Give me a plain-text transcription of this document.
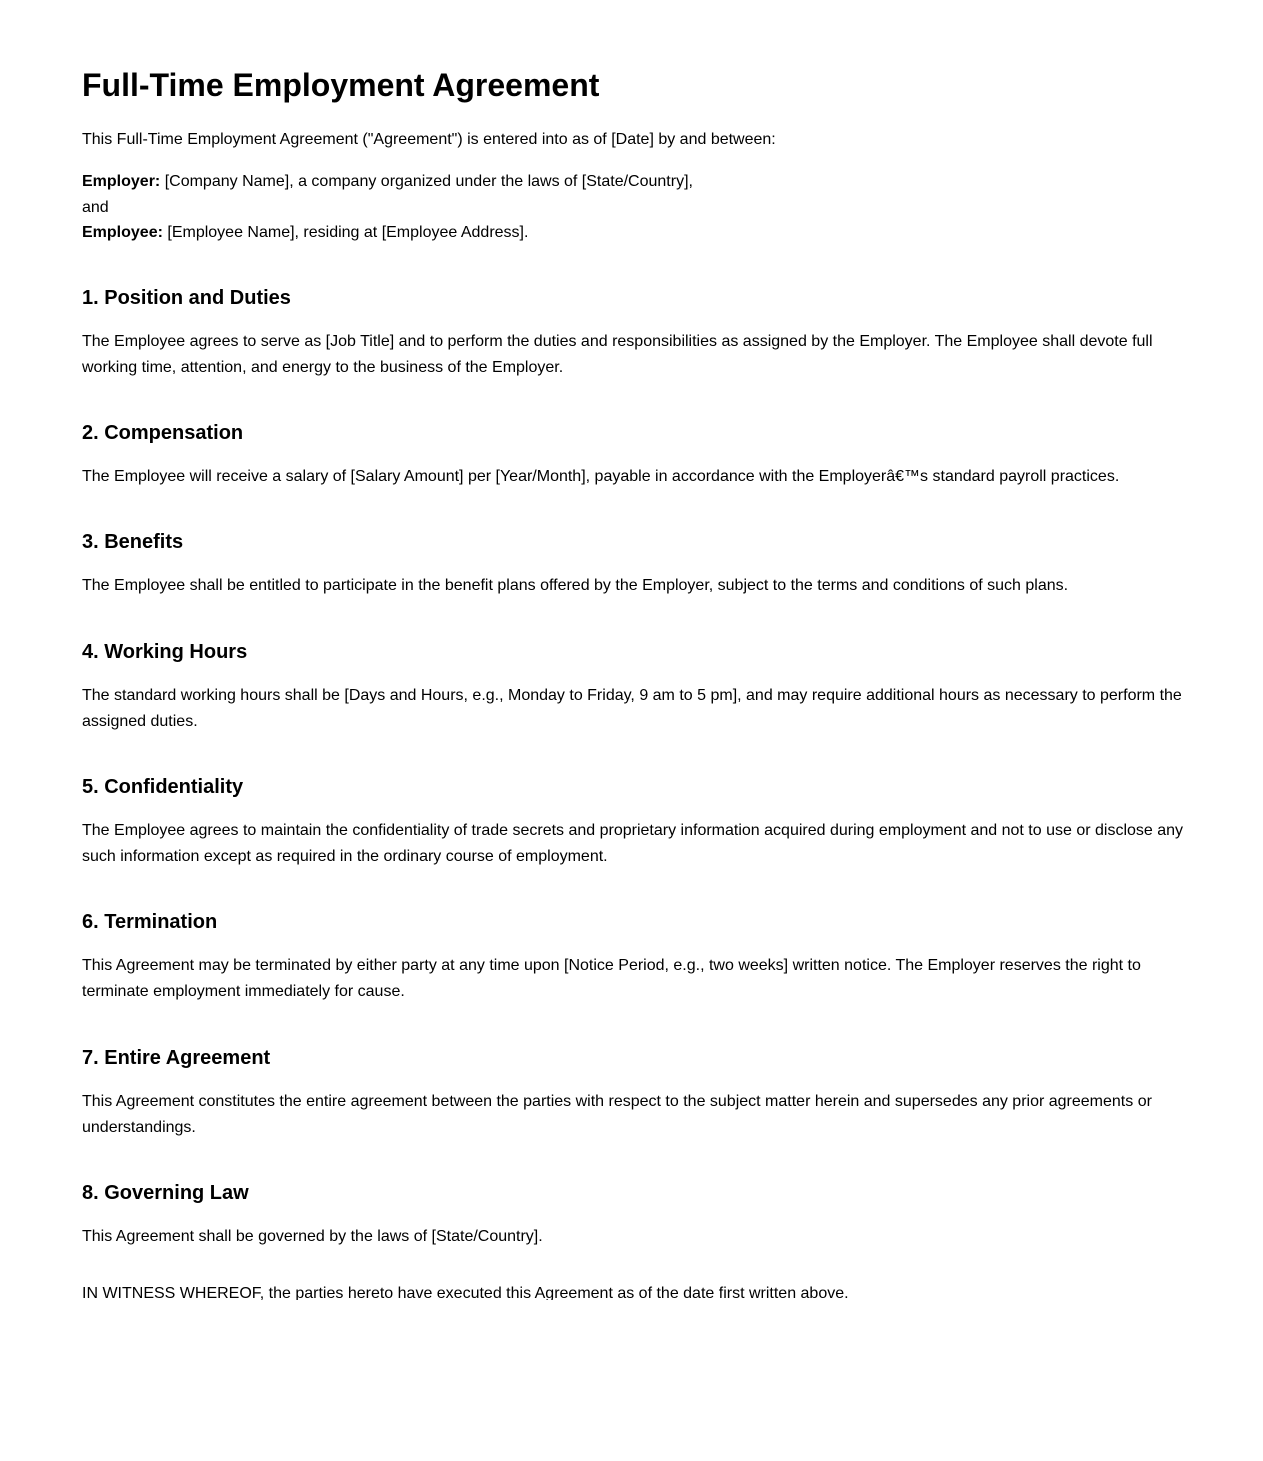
Full-Time Employment Agreement

This Full-Time Employment Agreement ("Agreement") is entered into as of [Date] by and between:

Employer: [Company Name], a company organized under the laws of [State/Country],

and

Employee: [Employee Name], residing at [Employee Address].

1. Position and Duties

The Employee agrees to serve as [Job Title] and to perform the duties and responsibilities as assigned by the Employer. The Employee shall devote full working time, attention, and energy to the business of the Employer.

2. Compensation

The Employee will receive a salary of [Salary Amount] per [Year/Month], payable in accordance with the Employerâ€™s standard payroll practices.

3. Benefits

The Employee shall be entitled to participate in the benefit plans offered by the Employer, subject to the terms and conditions of such plans.

4. Working Hours

The standard working hours shall be [Days and Hours, e.g., Monday to Friday, 9 am to 5 pm], and may require additional hours as necessary to perform the assigned duties.

5. Confidentiality

The Employee agrees to maintain the confidentiality of trade secrets and proprietary information acquired during employment and not to use or disclose any such information except as required in the ordinary course of employment.

6. Termination

This Agreement may be terminated by either party at any time upon [Notice Period, e.g., two weeks] written notice. The Employer reserves the right to terminate employment immediately for cause.

7. Entire Agreement

This Agreement constitutes the entire agreement between the parties with respect to the subject matter herein and supersedes any prior agreements or understandings.

8. Governing Law

This Agreement shall be governed by the laws of [State/Country].

IN WITNESS WHEREOF, the parties hereto have executed this Agreement as of the date first written above.
